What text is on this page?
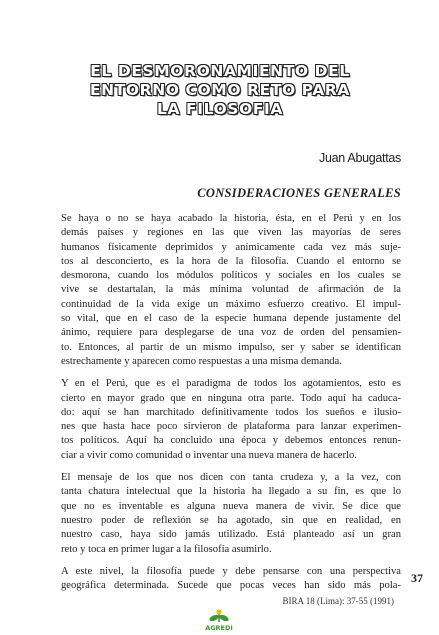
EL DESMORONAMIENTO DEL
ENTORNO COMO RETO PARA
LA FILOSOFIA
Juan Abugattas
CONSIDERACIONES GENERALES
Se haya o no se haya acabado la historia, ésta, en el Perú y en los
demás países y regiones en las que viven las mayorías de seres
humanos físicamente deprimidos y anímicamente cada vez más suje-
tos al desconcierto, es la hora de la filosofía. Cuando el entorno se
desmorona, cuando los módulos políticos y sociales en los cuales se
vive se destartalan, la más mínima voluntad de afirmación de la
continuidad de la vida exige un máximo esfuerzo creativo. El impul-
so vital, que en el caso de la especie humana depende justamente del
ánimo, requiere para desplegarse de una voz de orden del pensamien-
to. Entonces, al partir de un mismo impulso, ser y saber se identifican
estrechamente y aparecen como respuestas a una misma demanda.
Y en el Perú, que es el paradigma de todos los agotamientos, esto es
cierto en mayor grado que en ninguna otra parte. Todo aquí ha caduca-
do: aquí se han marchitado definitivamente todos los sueños e ilusio-
nes que hasta hace poco sirvieron de plataforma para lanzar experimen-
tos políticos. Aquí ha concluido una época y debemos entonces renun-
ciar a vivir como comunidad o inventar una nueva manera de hacerlo.
El mensaje de los que nos dicen con tanta crudeza y, a la vez, con
tanta chatura intelectual que la historia ha llegado a su fin, es que lo
que no es inventable es alguna nueva manera de vivir. Se dice que
nuestro poder de reflexión se ha agotado, sin que en realidad, en
nuestro caso, haya sido jamás utilizado. Está planteado así un gran
reto y toca en primer lugar a la filosofía asumirlo.
A este nivel, la filosofía puede y debe pensarse con una perspectiva
geográfica determinada. Sucede que pocas veces han sido más pola-
37
BIRA 18 (Lima): 37-55 (1991)
AGREDI
